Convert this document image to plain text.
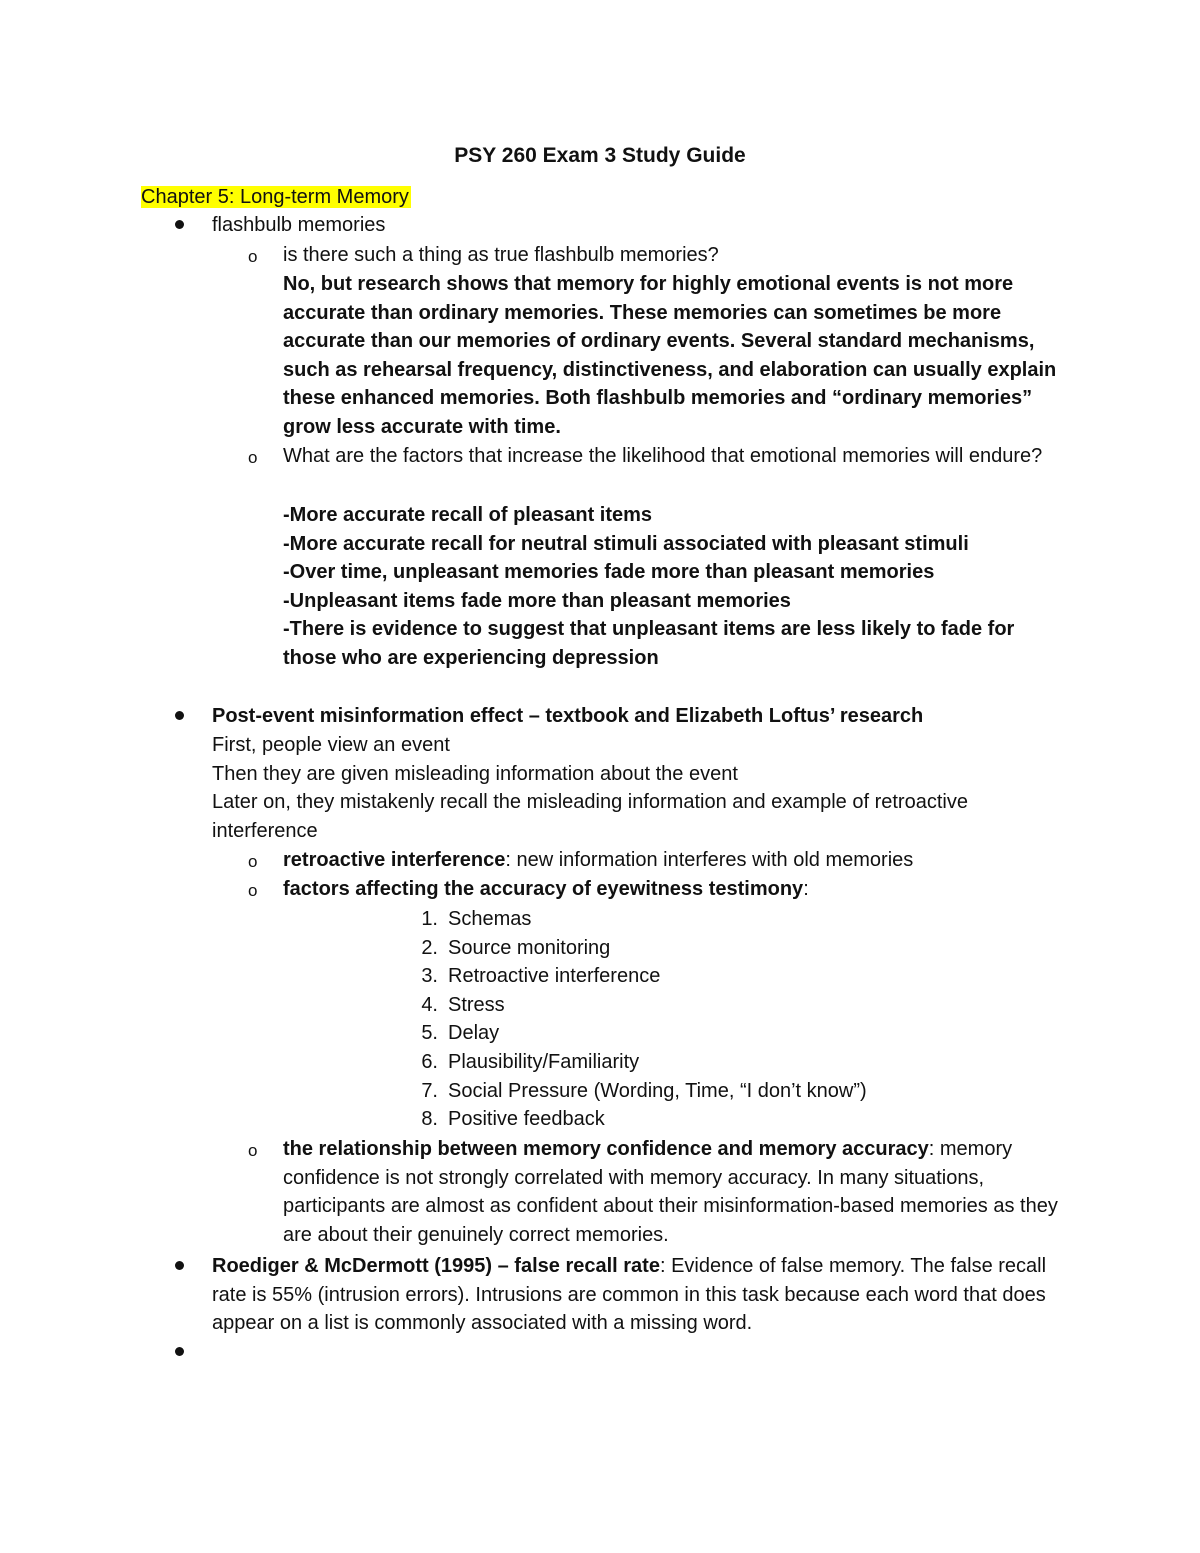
PSY 260 Exam 3 Study Guide
Chapter 5: Long-term Memory
flashbulb memories
o is there such a thing as true flashbulb memories?
No, but research shows that memory for highly emotional events is not more accurate than ordinary memories. These memories can sometimes be more accurate than our memories of ordinary events. Several standard mechanisms, such as rehearsal frequency, distinctiveness, and elaboration can usually explain these enhanced memories. Both flashbulb memories and “ordinary memories” grow less accurate with time.
o What are the factors that increase the likelihood that emotional memories will endure?

-More accurate recall of pleasant items

-More accurate recall for neutral stimuli associated with pleasant stimuli

-Over time, unpleasant memories fade more than pleasant memories

-Unpleasant items fade more than pleasant memories

-There is evidence to suggest that unpleasant items are less likely to fade for those who are experiencing depression

Post-event misinformation effect – textbook and Elizabeth Loftus’ research

First, people view an event

Then they are given misleading information about the event

Later on, they mistakenly recall the misleading information and example of retroactive interference

o retroactive interference: new information interferes with old memories
o factors affecting the accuracy of eyewitness testimony:

1. Schemas

2. Source monitoring

3. Retroactive interference

4. Stress

5. Delay

6. Plausibility/Familiarity

7. Social Pressure (Wording, Time, “I don’t know”)

8. Positive feedback

o the relationship between memory confidence and memory accuracy: memory confidence is not strongly correlated with memory accuracy. In many situations, participants are almost as confident about their misinformation-based memories as they are about their genuinely correct memories.
Roediger & McDermott (1995) – false recall rate: Evidence of false memory. The false recall rate is 55% (intrusion errors). Intrusions are common in this task because each word that does appear on a list is commonly associated with a missing word.
